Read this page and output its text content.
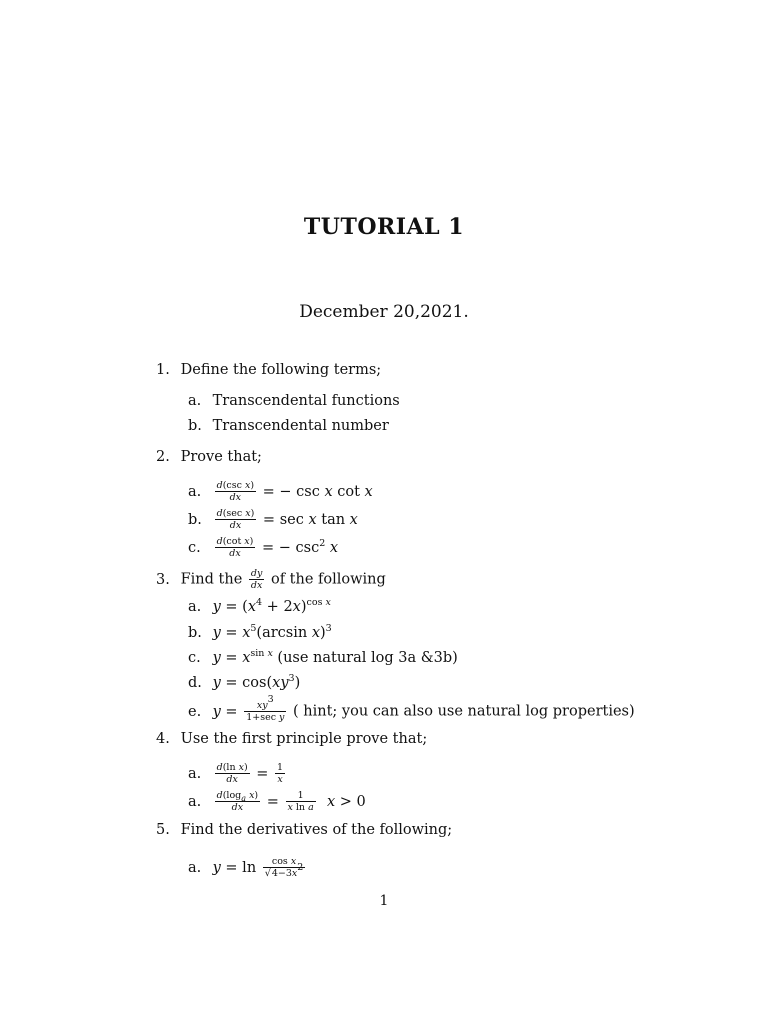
TUTORIAL 1
December 20,2021.
1. Define the following terms;
a. Transcendental functions
b. Transcendental number
2. Prove that;
a. $\frac{\text{d(csc x)}}{dx}$ = − csc x cot x
b. $\frac{\text{d(sec x)}}{dx} = \sec x$ tan x
c. $\frac{\text{d(cot x)}}{dx}$ = − $\csc^2 x$
3. Find the $\frac{dy}{dx}$ of the following
a. $y = (x^4 + 2x)^{cos x}$
b. $y = x^5(\arcsin$ x)$^3$
c. $y = x^{sin x}$ (use natural log 3a &3b)
d. $y = \cos(xy^3)$
e. $y = \frac{xy^3}{\text{1+sec y}}$ ( hint; you can also use natural log properties)
4. Use the first principle prove that;
a. $\frac{\text{d(ln x)}}{dx} = \frac{1}{x}$
a. $\frac{d(\log_a x)}{dx} = \frac{1}{\text{x ln a}}$ x > 0
5. Find the derivatives of the following;
a. $y = \ln \frac{\text{cos x}}{√4-3x^2}$
1
